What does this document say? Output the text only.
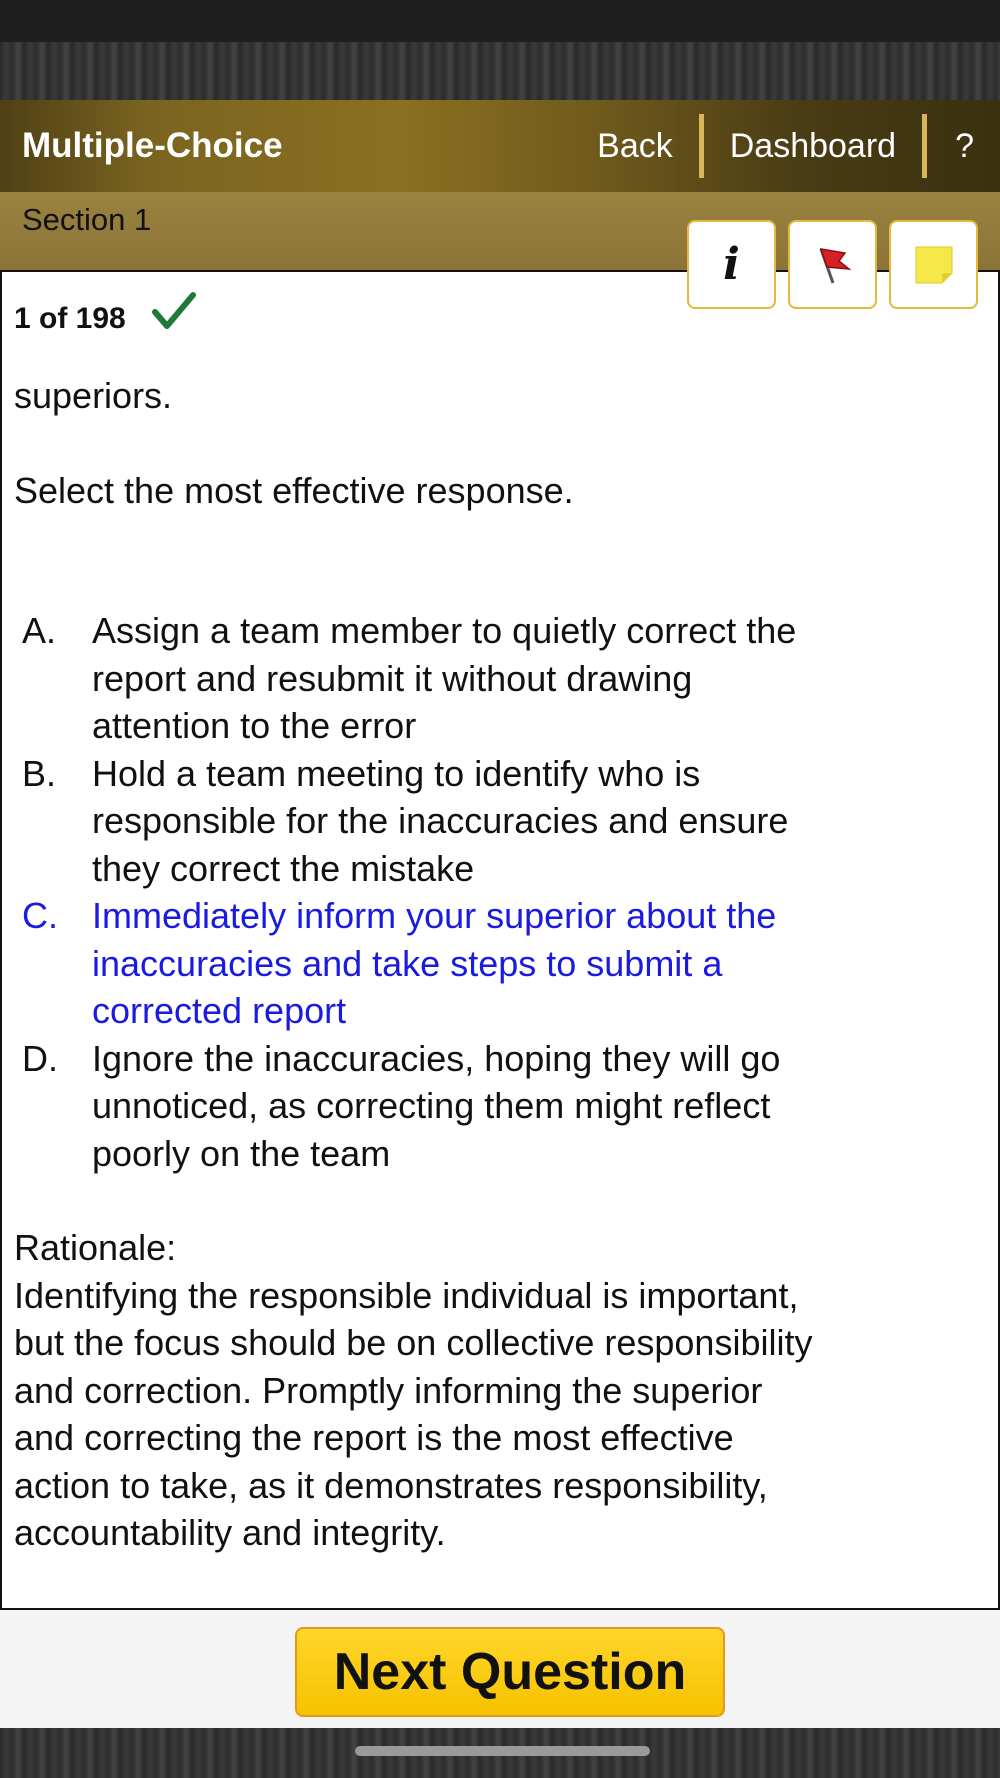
Multiple-Choice	Back	Dashboard	?
Section 1
i
1 of 198
superiors.
Select the most effective response.
A. Assign a team member to quietly correct the report and resubmit it without drawing attention to the error
B. Hold a team meeting to identify who is responsible for the inaccuracies and ensure they correct the mistake
C. Immediately inform your superior about the inaccuracies and take steps to submit a corrected report
D. Ignore the inaccuracies, hoping they will go unnoticed, as correcting them might reflect poorly on the team
Rationale:
Identifying the responsible individual is important, but the focus should be on collective responsibility and correction. Promptly informing the superior and correcting the report is the most effective action to take, as it demonstrates responsibility, accountability and integrity.
Next Question
